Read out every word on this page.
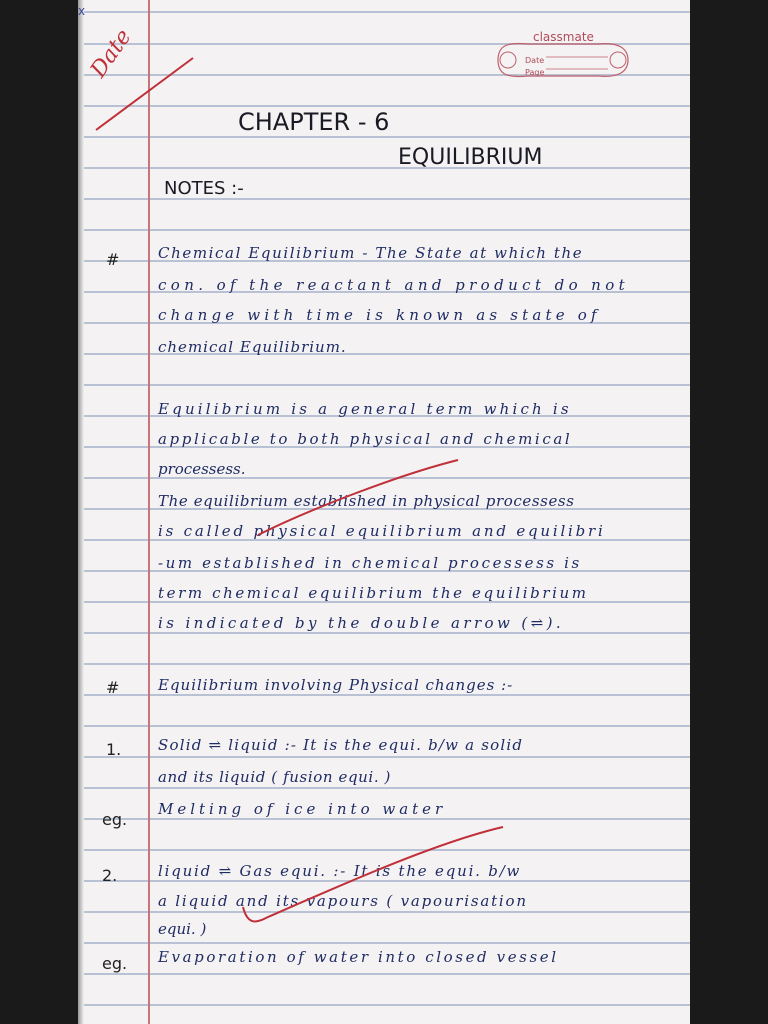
x
classmate
Date
Page
Date
CHAPTER - 6
EQUILIBRIUM
NOTES :-
#
#
1.
eg.
2.
eg.
Chemical Equilibrium - The State at which the
con. of the reactant and product do not
change with time is known as state of
chemical Equilibrium.
Equilibrium is a general term which is
applicable to both physical and chemical
processess.
The equilibrium established in physical processess
is called physical equilibrium and equilibri
-um established in chemical processess is
term chemical equilibrium the equilibrium
is indicated by the double arrow (⇌).
Equilibrium involving Physical changes :-
Solid ⇌ liquid :- It is the equi. b/w a solid
and its liquid ( fusion equi. )
Melting of ice into water
liquid ⇌ Gas equi. :- It is the equi. b/w
a liquid and its vapours ( vapourisation
equi. )
Evaporation of water into closed vessel
